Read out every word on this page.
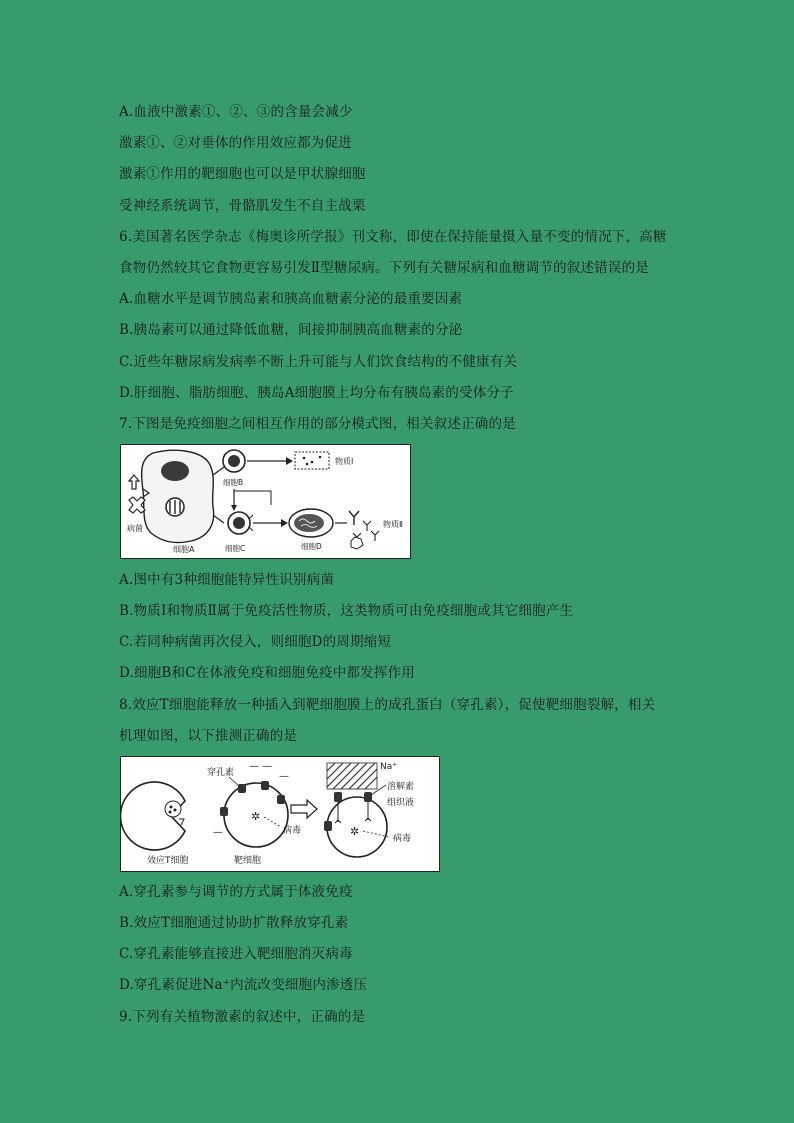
A.血液中激素①、②、③的含量会减少
激素①、②对垂体的作用效应都为促进
激素①作用的靶细胞也可以是甲状腺细胞
受神经系统调节，骨骼肌发生不自主战栗
6.美国著名医学杂志《梅奥诊所学报》刊文称，即使在保持能量摄入量不变的情况下，高糖
食物仍然较其它食物更容易引发Ⅱ型糖尿病。下列有关糖尿病和血糖调节的叙述错误的是
A.血糖水平是调节胰岛素和胰高血糖素分泌的最重要因素
B.胰岛素可以通过降低血糖，间接抑制胰高血糖素的分泌
C.近些年糖尿病发病率不断上升可能与人们饮食结构的不健康有关
D.肝细胞、脂肪细胞、胰岛A细胞膜上均分布有胰岛素的受体分子
7.下图是免疫细胞之间相互作用的部分模式图，相关叙述正确的是
病菌
细胞A
细胞B
物质Ⅰ
细胞C	细胞D
物质Ⅱ
A.图中有3种细胞能特异性识别病菌
B.物质Ⅰ和物质Ⅱ属于免疫活性物质，这类物质可由免疫细胞或其它细胞产生
C.若同种病菌再次侵入，则细胞D的周期缩短
D.细胞B和C在体液免疫和细胞免疫中都发挥作用
8.效应T细胞能释放一种插入到靶细胞膜上的成孔蛋白（穿孔素），促使靶细胞裂解，相关
机理如图，以下推测正确的是
效应T细胞
✲
病毒
靶细胞
穿孔素
— —
—
—
Na⁺
✲
病毒
溶解素
组织液
A.穿孔素参与调节的方式属于体液免疫
B.效应T细胞通过协助扩散释放穿孔素
C.穿孔素能够直接进入靶细胞消灭病毒
D.穿孔素促进Na⁺内流改变细胞内渗透压
9.下列有关植物激素的叙述中，正确的是
